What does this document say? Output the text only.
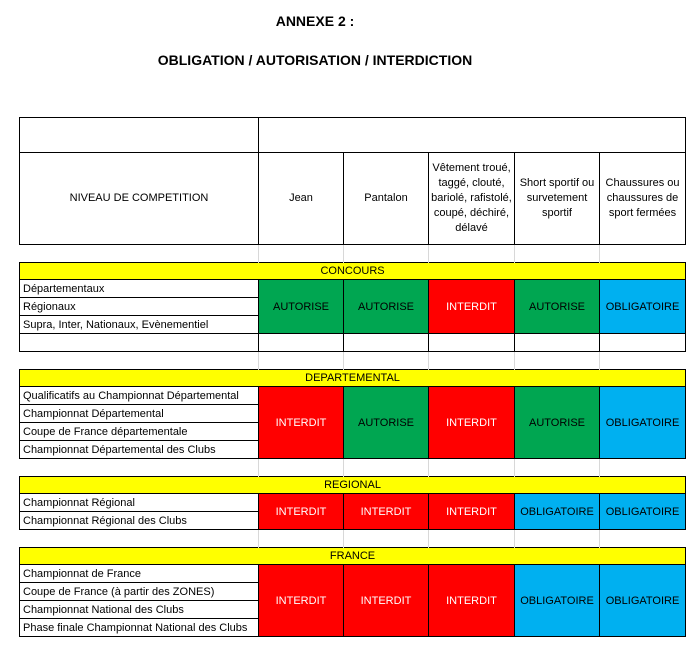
ANNEXE 2 :
OBLIGATION / AUTORISATION / INTERDICTION

NIVEAU DE COMPETITION	Jean	Pantalon	Vêtement troué, taggé, clouté, bariolé, rafistolé, coupé, déchiré, délavé	Short sportif ou survetement sportif	Chaussures ou chaussures de sport fermées

CONCOURS					
Départementaux	AUTORISE	AUTORISE	INTERDIT	AUTORISE	OBLIGATOIRE
Régionaux					
Supra, Inter, Nationaux, Evènementiel					

DEPARTEMENTAL					
Qualificatifs au Championnat Départemental	INTERDIT	AUTORISE	INTERDIT	AUTORISE	OBLIGATOIRE
Championnat Départemental					
Coupe de France départementale					
Championnat Départemental des Clubs					

REGIONAL					
Championnat Régional	INTERDIT	INTERDIT	INTERDIT	OBLIGATOIRE	OBLIGATOIRE
Championnat Régional des Clubs					

FRANCE					
Championnat de France	INTERDIT	INTERDIT	INTERDIT	OBLIGATOIRE	OBLIGATOIRE
Coupe de France (à partir des ZONES)					
Championnat National des Clubs					
Phase finale Championnat National des Clubs					
